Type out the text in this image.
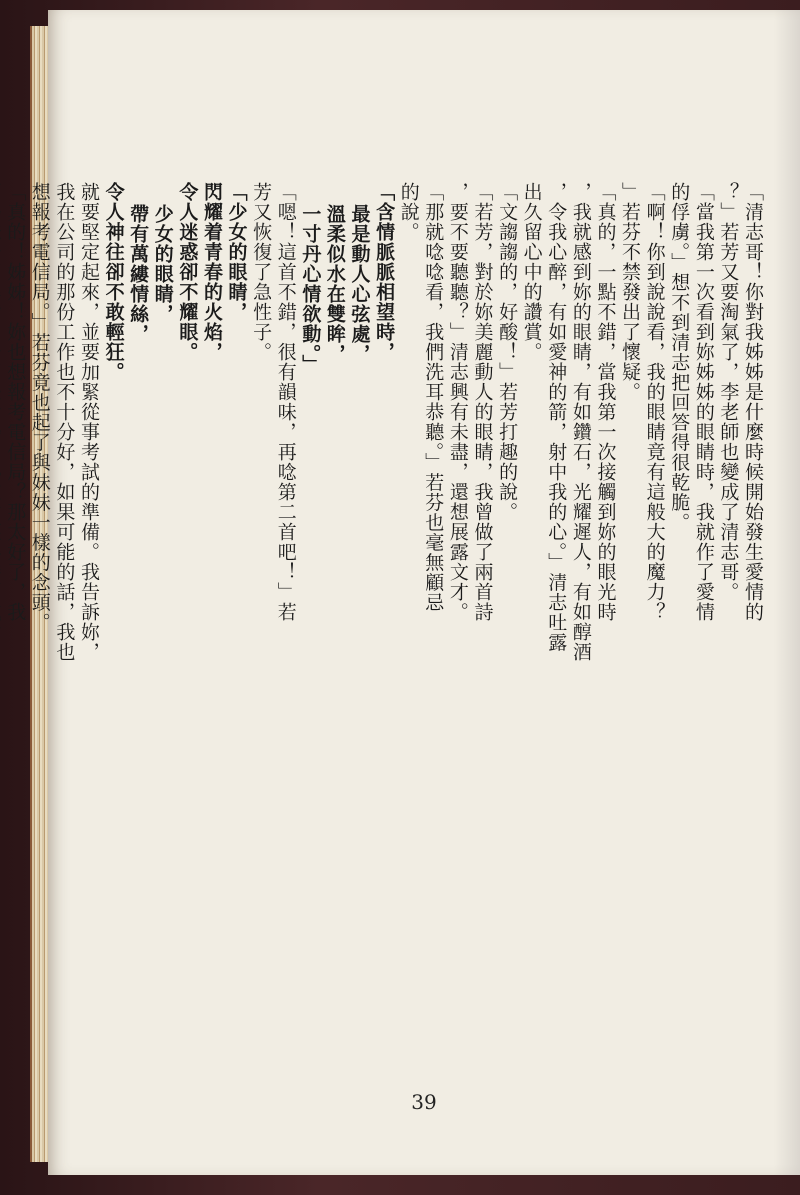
「清志哥！你對我姊姊是什麼時候開始發生愛情的
？」若芳又要淘氣了，李老師也變成了清志哥。
「當我第一次看到妳姊姊的眼睛時，我就作了愛情
的俘虜。」想不到清志把回答得很乾脆。
「啊！你到說說看，我的眼睛竟有這般大的魔力？
」若芬不禁發出了懷疑。
「真的，一點不錯，當我第一次接觸到妳的眼光時
，我就感到妳的眼睛，有如鑽石，光耀遲人，有如醇酒
，令我心醉，有如愛神的箭，射中我的心。」清志吐露
出久留心中的讚賞。
「文謅謅的，好酸！」若芳打趣的說。
「若芳，對於妳美麗動人的眼睛，我曾做了兩首詩
，要不要聽聽？」清志興有未盡，還想展露文才。
「那就唸唸看，我們洗耳恭聽。」若芬也毫無顧忌
的說。
「含情脈脈相望時，
最是動人心弦處，
溫柔似水在雙眸，
一寸丹心情欲動。」
「嗯！這首不錯，很有韻味，再唸第二首吧！」若
芳又恢復了急性子。
「少女的眼睛，
閃耀着青春的火焰，
令人迷惑卻不耀眼。
少女的眼睛，
帶有萬縷情絲，
令人神往卻不敢輕狂。
就要堅定起來，並要加緊從事考試的準備。我告訴妳，
我在公司的那份工作也不十分好，如果可能的話，我也
想報考電信局。」若芬竟也起了與妹妹一樣的念頭。
「真的！姊姊！妳也想報考電信局？那太好了，我
39
